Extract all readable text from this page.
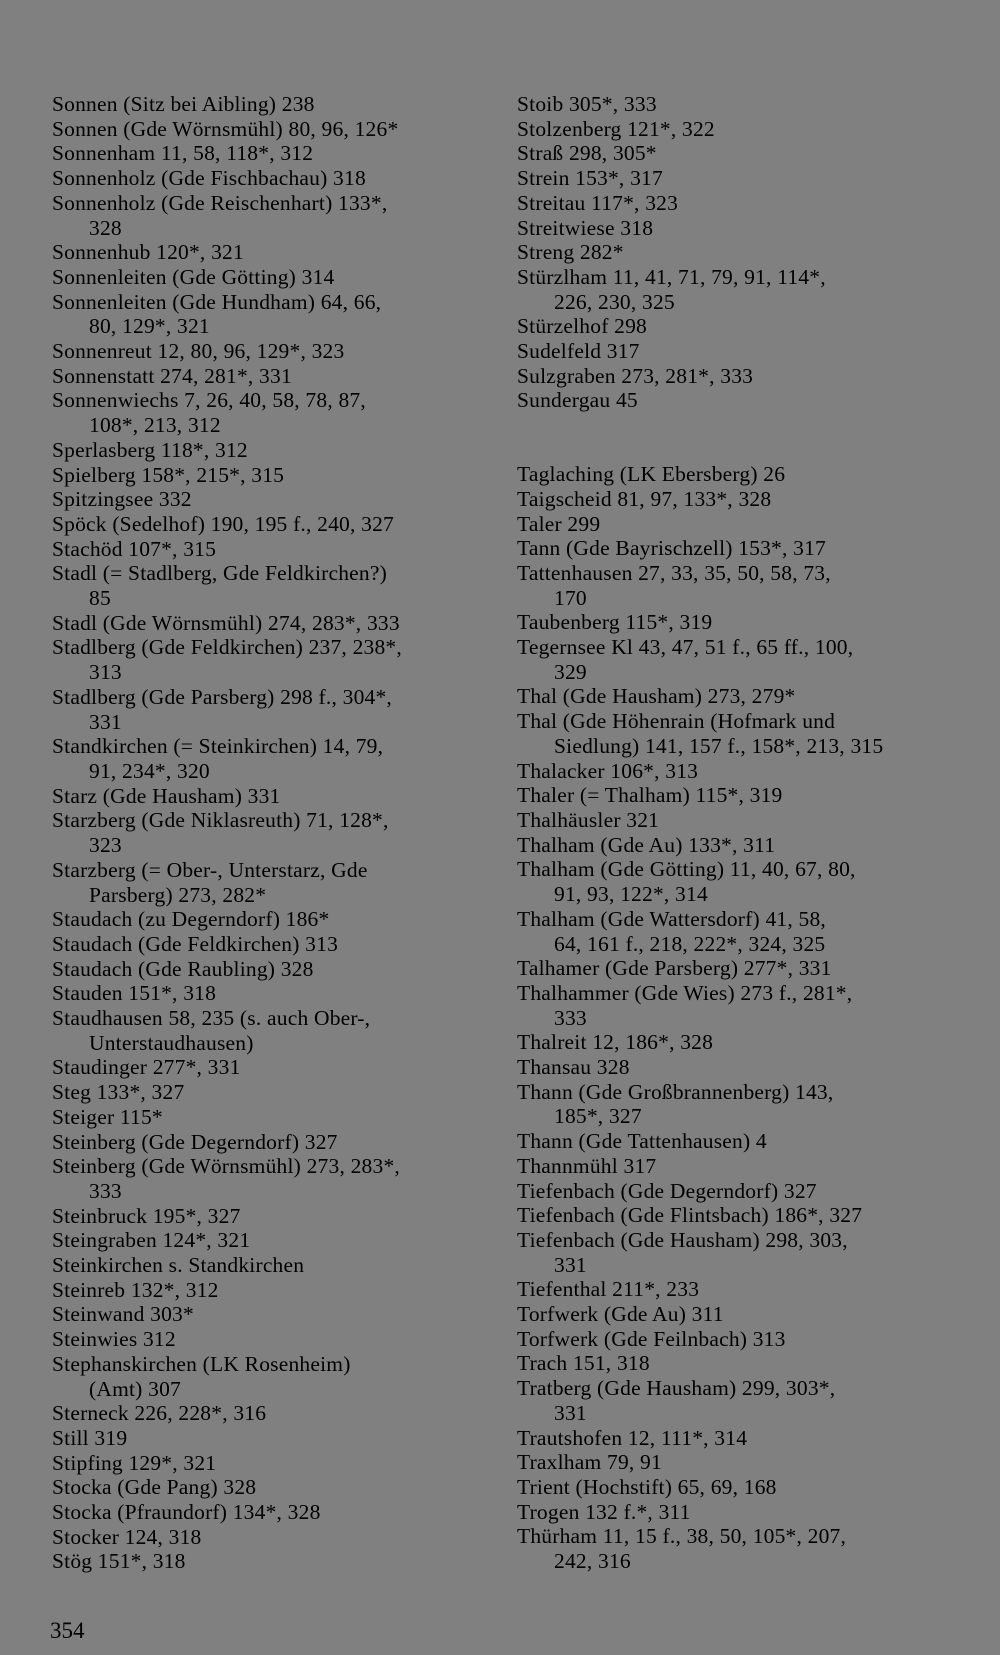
Sonnen (Sitz bei Aibling) 238

Sonnen (Gde Wörnsmühl) 80, 96, 126*

Sonnenham 11, 58, 118*, 312

Sonnenholz (Gde Fischbachau) 318

Sonnenholz (Gde Reischenhart) 133*,
328

Sonnenhub 120*, 321

Sonnenleiten (Gde Götting) 314

Sonnenleiten (Gde Hundham) 64, 66,
80, 129*, 321

Sonnenreut 12, 80, 96, 129*, 323

Sonnenstatt 274, 281*, 331

Sonnenwiechs 7, 26, 40, 58, 78, 87,
108*, 213, 312

Sperlasberg 118*, 312

Spielberg 158*, 215*, 315

Spitzingsee 332

Spöck (Sedelhof) 190, 195 f., 240, 327

Stachöd 107*, 315

Stadl (= Stadlberg, Gde Feldkirchen?)
85

Stadl (Gde Wörnsmühl) 274, 283*, 333

Stadlberg (Gde Feldkirchen) 237, 238*,
313

Stadlberg (Gde Parsberg) 298 f., 304*,
331

Standkirchen (= Steinkirchen) 14, 79,
91, 234*, 320

Starz (Gde Hausham) 331

Starzberg (Gde Niklasreuth) 71, 128*,
323

Starzberg (= Ober-, Unterstarz, Gde
Parsberg) 273, 282*

Staudach (zu Degerndorf) 186*

Staudach (Gde Feldkirchen) 313

Staudach (Gde Raubling) 328

Stauden 151*, 318

Staudhausen 58, 235 (s. auch Ober-,
Unterstaudhausen)

Staudinger 277*, 331

Steg 133*, 327

Steiger 115*

Steinberg (Gde Degerndorf) 327

Steinberg (Gde Wörnsmühl) 273, 283*,
333

Steinbruck 195*, 327

Steingraben 124*, 321

Steinkirchen s. Standkirchen

Steinreb 132*, 312

Steinwand 303*

Steinwies 312

Stephanskirchen (LK Rosenheim)
(Amt) 307

Sterneck 226, 228*, 316

Still 319

Stipfing 129*, 321

Stocka (Gde Pang) 328

Stocka (Pfraundorf) 134*, 328

Stocker 124, 318

Stög 151*, 318

Stoib 305*, 333

Stolzenberg 121*, 322

Straß 298, 305*

Strein 153*, 317

Streitau 117*, 323

Streitwiese 318

Streng 282*

Stürzlham 11, 41, 71, 79, 91, 114*,
226, 230, 325

Stürzelhof 298

Sudelfeld 317

Sulzgraben 273, 281*, 333

Sundergau 45

Taglaching (LK Ebersberg) 26

Taigscheid 81, 97, 133*, 328

Taler 299

Tann (Gde Bayrischzell) 153*, 317

Tattenhausen 27, 33, 35, 50, 58, 73,
170

Taubenberg 115*, 319

Tegernsee Kl 43, 47, 51 f., 65 ff., 100,
329

Thal (Gde Hausham) 273, 279*

Thal (Gde Höhenrain (Hofmark und
Siedlung) 141, 157 f., 158*, 213, 315

Thalacker 106*, 313

Thaler (= Thalham) 115*, 319

Thalhäusler 321

Thalham (Gde Au) 133*, 311

Thalham (Gde Götting) 11, 40, 67, 80,
91, 93, 122*, 314

Thalham (Gde Wattersdorf) 41, 58,
64, 161 f., 218, 222*, 324, 325

Talhamer (Gde Parsberg) 277*, 331

Thalhammer (Gde Wies) 273 f., 281*,
333

Thalreit 12, 186*, 328

Thansau 328

Thann (Gde Großbrannenberg) 143,
185*, 327

Thann (Gde Tattenhausen) 4

Thannmühl 317

Tiefenbach (Gde Degerndorf) 327

Tiefenbach (Gde Flintsbach) 186*, 327

Tiefenbach (Gde Hausham) 298, 303,
331

Tiefenthal 211*, 233

Torfwerk (Gde Au) 311

Torfwerk (Gde Feilnbach) 313

Trach 151, 318

Tratberg (Gde Hausham) 299, 303*,
331

Trautshofen 12, 111*, 314

Traxlham 79, 91

Trient (Hochstift) 65, 69, 168

Trogen 132 f.*, 311

Thürham 11, 15 f., 38, 50, 105*, 207,
242, 316

354
